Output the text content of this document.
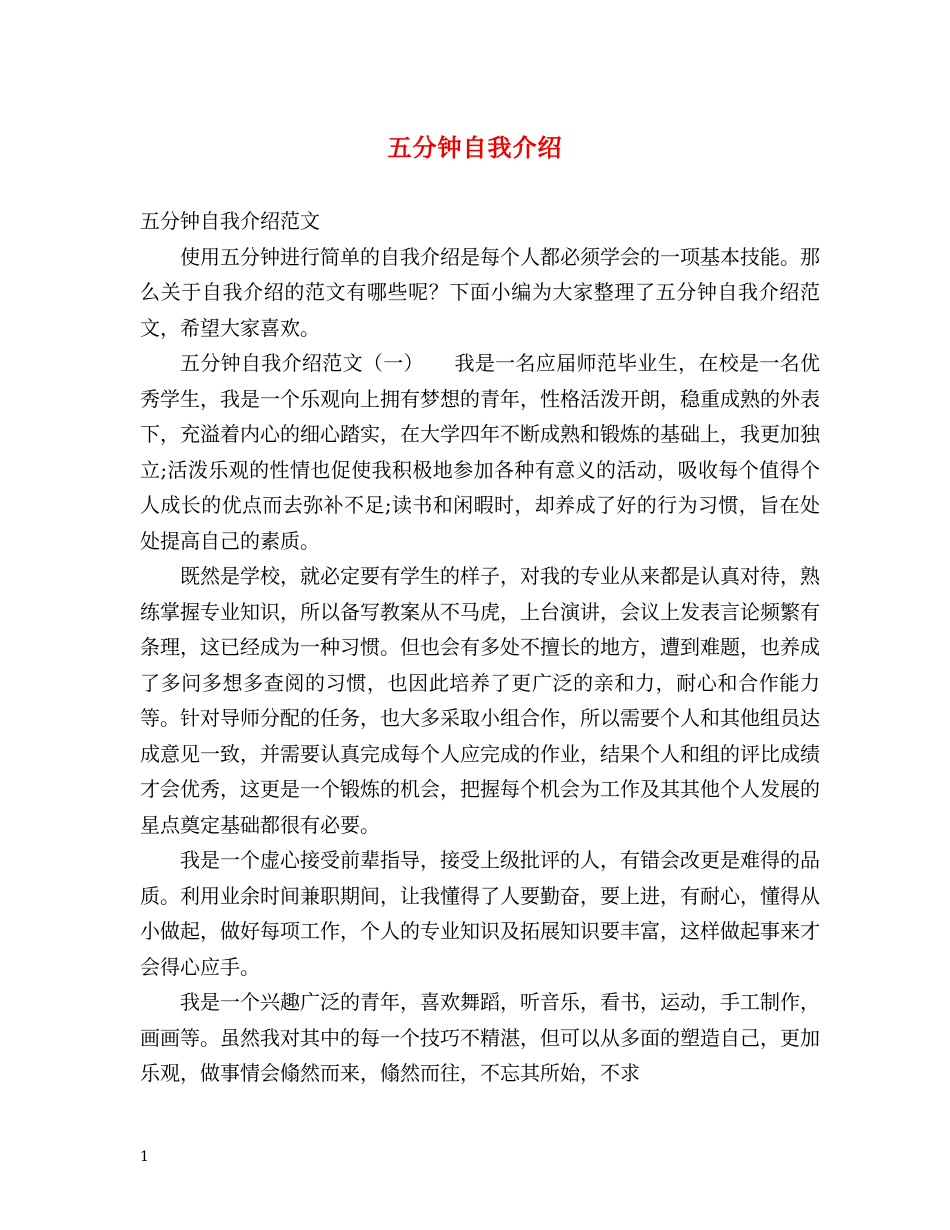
五分钟自我介绍

五分钟自我介绍范文

使用五分钟进行简单的自我介绍是每个人都必须学会的一项基本技能。那么关于自我介绍的范文有哪些呢？下面小编为大家整理了五分钟自我介绍范文，希望大家喜欢。

五分钟自我介绍范文（一）　　我是一名应届师范毕业生，在校是一名优秀学生，我是一个乐观向上拥有梦想的青年，性格活泼开朗，稳重成熟的外表下，充溢着内心的细心踏实，在大学四年不断成熟和锻炼的基础上，我更加独立;活泼乐观的性情也促使我积极地参加各种有意义的活动，吸收每个值得个人成长的优点而去弥补不足;读书和闲暇时，却养成了好的行为习惯，旨在处处提高自己的素质。

既然是学校，就必定要有学生的样子，对我的专业从来都是认真对待，熟练掌握专业知识，所以备写教案从不马虎，上台演讲，会议上发表言论频繁有条理，这已经成为一种习惯。但也会有多处不擅长的地方，遭到难题，也养成了多问多想多查阅的习惯，也因此培养了更广泛的亲和力，耐心和合作能力等。针对导师分配的任务，也大多采取小组合作，所以需要个人和其他组员达成意见一致，并需要认真完成每个人应完成的作业，结果个人和组的评比成绩才会优秀，这更是一个锻炼的机会，把握每个机会为工作及其其他个人发展的星点奠定基础都很有必要。

我是一个虚心接受前辈指导，接受上级批评的人，有错会改更是难得的品质。利用业余时间兼职期间，让我懂得了人要勤奋，要上进，有耐心，懂得从小做起，做好每项工作，个人的专业知识及拓展知识要丰富，这样做起事来才会得心应手。

我是一个兴趣广泛的青年，喜欢舞蹈，听音乐，看书，运动，手工制作，画画等。虽然我对其中的每一个技巧不精湛，但可以从多面的塑造自己，更加乐观，做事情会翛然而来，翛然而往，不忘其所始，不求

1
